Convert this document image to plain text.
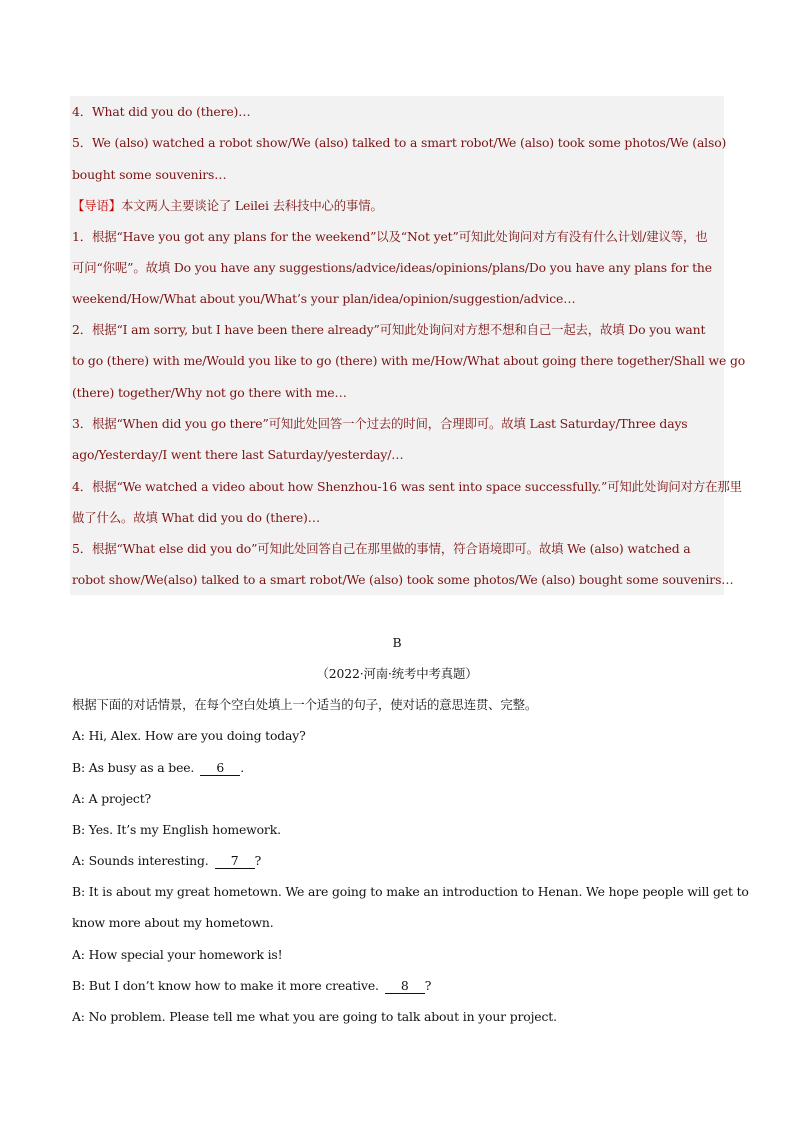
4．What did you do (there)…
5．We (also) watched a robot show/We (also) talked to a smart robot/We (also) took some photos/We (also)
bought some souvenirs…
【导语】本文两人主要谈论了 Leilei 去科技中心的事情。
1．根据“Have you got any plans for the weekend”以及“Not yet”可知此处询问对方有没有什么计划/建议等，也
可问“你呢”。故填 Do you have any suggestions/advice/ideas/opinions/plans/Do you have any plans for the
weekend/How/What about you/What’s your plan/idea/opinion/suggestion/advice…
2．根据“I am sorry, but I have been there already”可知此处询问对方想不想和自己一起去，故填 Do you want
to go (there) with me/Would you like to go (there) with me/How/What about going there together/Shall we go
(there) together/Why not go there with me…
3．根据“When did you go there”可知此处回答一个过去的时间，合理即可。故填 Last Saturday/Three days
ago/Yesterday/I went there last Saturday/yesterday/…
4．根据“We watched a video about how Shenzhou-16 was sent into space successfully.”可知此处询问对方在那里
做了什么。故填 What did you do (there)…
5．根据“What else did you do”可知此处回答自己在那里做的事情，符合语境即可。故填 We (also) watched a
robot show/We(also) talked to a smart robot/We (also) took some photos/We (also) bought some souvenirs…
B
（2022·河南·统考中考真题）
根据下面的对话情景，在每个空白处填上一个适当的句子，使对话的意思连贯、完整。
A: Hi, Alex. How are you doing today?
B: As busy as a bee. 6 .
A: A project?
B: Yes. It’s my English homework.
A: Sounds interesting. 7 ?
B: It is about my great hometown. We are going to make an introduction to Henan. We hope people will get to
know more about my hometown.
A: How special your homework is!
B: But I don’t know how to make it more creative. 8 ?
A: No problem. Please tell me what you are going to talk about in your project.
